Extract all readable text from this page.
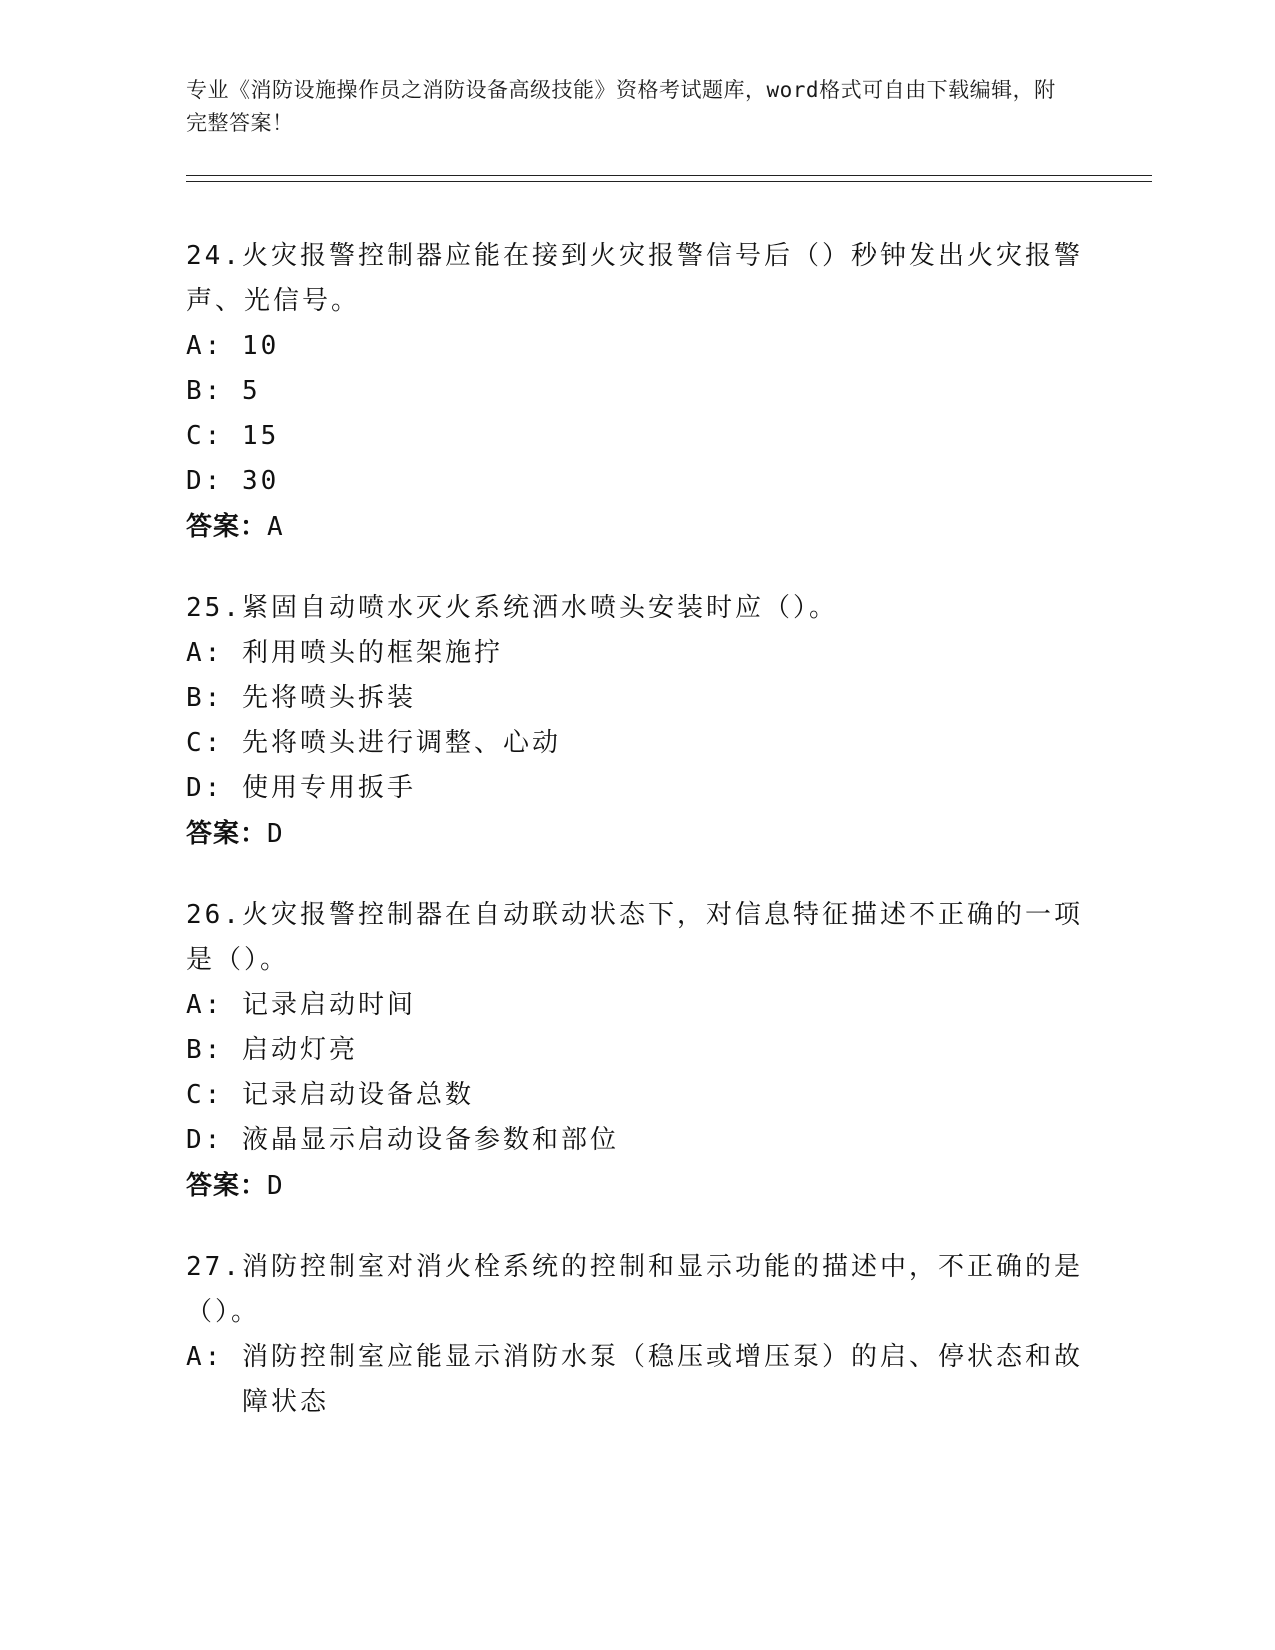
专业《消防设施操作员之消防设备高级技能》资格考试题库，word格式可自由下载编辑，附完整答案！

24.火灾报警控制器应能在接到火灾报警信号后（）秒钟发出火灾报警声、光信号。

A : 10

B : 5

C : 15

D : 30

答案：A

25.紧固自动喷水灭火系统洒水喷头安装时应（）。

A : 利用喷头的框架施拧

B : 先将喷头拆装

C : 先将喷头进行调整、心动

D : 使用专用扳手

答案：D

26.火灾报警控制器在自动联动状态下，对信息特征描述不正确的一项是（）。

A : 记录启动时间

B : 启动灯亮

C : 记录启动设备总数

D : 液晶显示启动设备参数和部位

答案：D

27.消防控制室对消火栓系统的控制和显示功能的描述中，不正确的是（）。

A : 消防控制室应能显示消防水泵（稳压或增压泵）的启、停状态和故障状态
